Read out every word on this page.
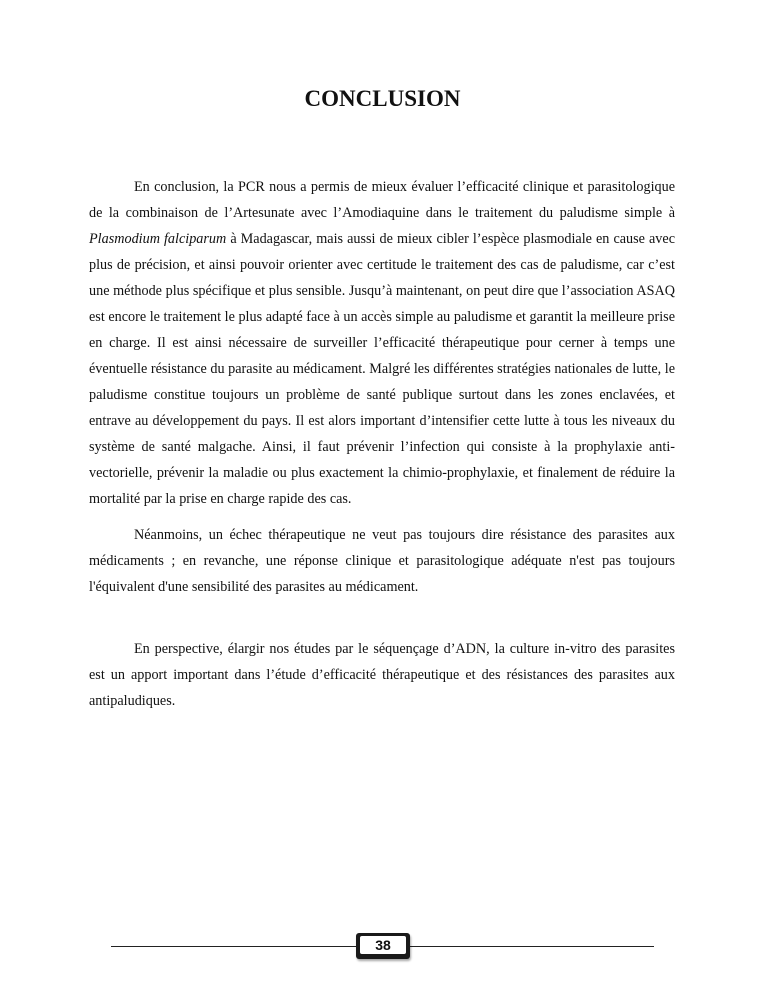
CONCLUSION

En conclusion, la PCR nous a permis de mieux évaluer l’efficacité clinique et parasitologique de la combinaison de l’Artesunate avec l’Amodiaquine dans le traitement du paludisme simple à Plasmodium falciparum à Madagascar, mais aussi de mieux cibler l’espèce plasmodiale en cause avec plus de précision, et ainsi pouvoir orienter avec certitude le traitement des cas de paludisme, car c’est une méthode plus spécifique et plus sensible. Jusqu’à maintenant, on peut dire que l’association ASAQ est encore le traitement le plus adapté face à un accès simple au paludisme et garantit la meilleure prise en charge. Il est ainsi nécessaire de surveiller l’efficacité thérapeutique pour cerner à temps une éventuelle résistance du parasite au médicament. Malgré les différentes stratégies nationales de lutte, le paludisme constitue toujours un problème de santé publique surtout dans les zones enclavées, et entrave au développement du pays. Il est alors important d’intensifier cette lutte à tous les niveaux du système de santé malgache. Ainsi, il faut prévenir l’infection qui consiste à la prophylaxie anti-vectorielle, prévenir la maladie ou plus exactement la chimio-prophylaxie, et finalement de réduire la mortalité par la prise en charge rapide des cas.

Néanmoins, un échec thérapeutique ne veut pas toujours dire résistance des parasites aux médicaments ; en revanche, une réponse clinique et parasitologique adéquate n'est pas toujours l'équivalent d'une sensibilité des parasites au médicament.

En perspective, élargir nos études par le séquençage d’ADN, la culture in-vitro des parasites est un apport important dans l’étude d’efficacité thérapeutique et des résistances des parasites aux antipaludiques.

38
